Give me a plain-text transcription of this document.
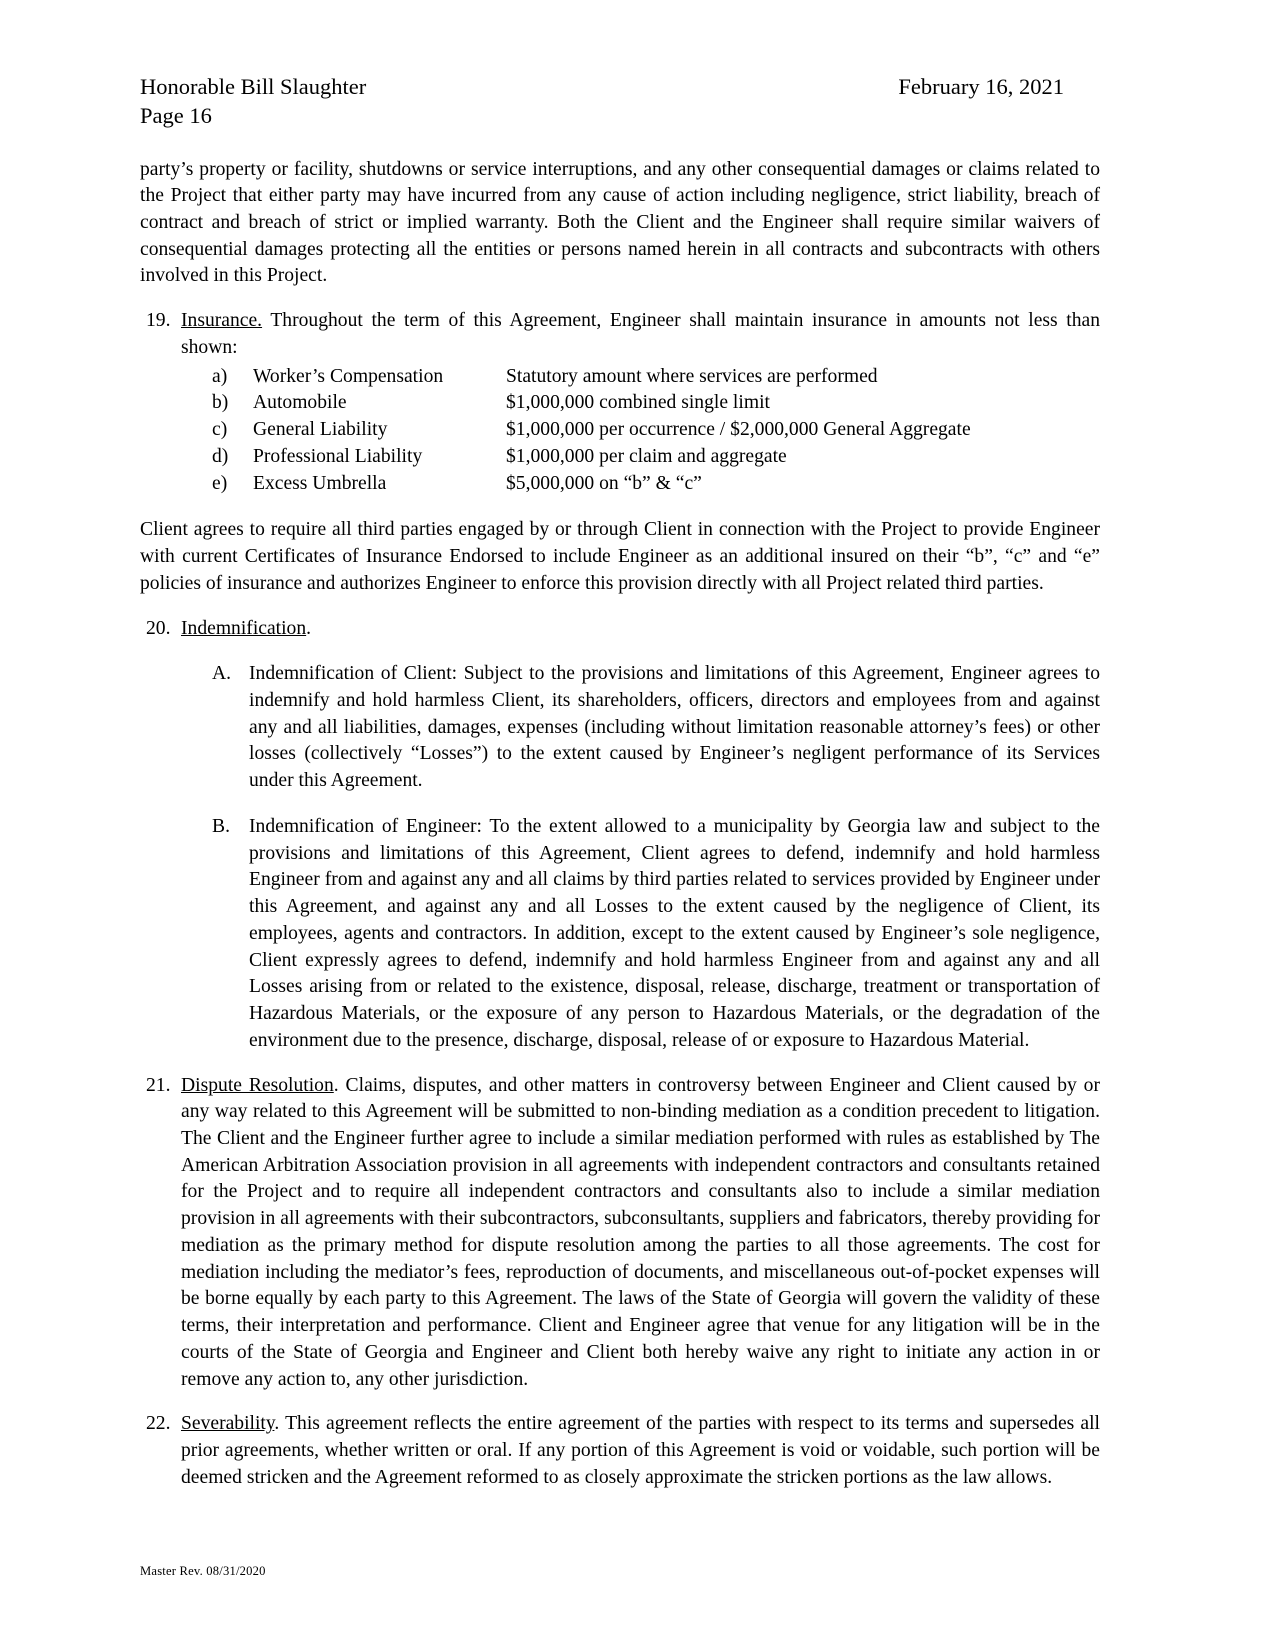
Honorable Bill Slaughter
Page 16
February 16, 2021

party’s property or facility, shutdowns or service interruptions, and any other consequential damages or claims related to the Project that either party may have incurred from any cause of action including negligence, strict liability, breach of contract and breach of strict or implied warranty. Both the Client and the Engineer shall require similar waivers of consequential damages protecting all the entities or persons named herein in all contracts and subcontracts with others involved in this Project.

19. Insurance. Throughout the term of this Agreement, Engineer shall maintain insurance in amounts not less than shown:
a)	Worker’s Compensation	Statutory amount where services are performed
b)	Automobile	$1,000,000 combined single limit
c)	General Liability	$1,000,000 per occurrence / $2,000,000 General Aggregate
d)	Professional Liability	$1,000,000 per claim and aggregate
e)	Excess Umbrella	$5,000,000 on “b” & “c”

Client agrees to require all third parties engaged by or through Client in connection with the Project to provide Engineer with current Certificates of Insurance Endorsed to include Engineer as an additional insured on their “b”, “c” and “e” policies of insurance and authorizes Engineer to enforce this provision directly with all Project related third parties.

20. Indemnification.
A. Indemnification of Client: Subject to the provisions and limitations of this Agreement, Engineer agrees to indemnify and hold harmless Client, its shareholders, officers, directors and employees from and against any and all liabilities, damages, expenses (including without limitation reasonable attorney’s fees) or other losses (collectively “Losses”) to the extent caused by Engineer’s negligent performance of its Services under this Agreement.
B. Indemnification of Engineer: To the extent allowed to a municipality by Georgia law and subject to the provisions and limitations of this Agreement, Client agrees to defend, indemnify and hold harmless Engineer from and against any and all claims by third parties related to services provided by Engineer under this Agreement, and against any and all Losses to the extent caused by the negligence of Client, its employees, agents and contractors. In addition, except to the extent caused by Engineer’s sole negligence, Client expressly agrees to defend, indemnify and hold harmless Engineer from and against any and all Losses arising from or related to the existence, disposal, release, discharge, treatment or transportation of Hazardous Materials, or the exposure of any person to Hazardous Materials, or the degradation of the environment due to the presence, discharge, disposal, release of or exposure to Hazardous Material.
21. Dispute Resolution. Claims, disputes, and other matters in controversy between Engineer and Client caused by or any way related to this Agreement will be submitted to non-binding mediation as a condition precedent to litigation. The Client and the Engineer further agree to include a similar mediation performed with rules as established by The American Arbitration Association provision in all agreements with independent contractors and consultants retained for the Project and to require all independent contractors and consultants also to include a similar mediation provision in all agreements with their subcontractors, subconsultants, suppliers and fabricators, thereby providing for mediation as the primary method for dispute resolution among the parties to all those agreements. The cost for mediation including the mediator’s fees, reproduction of documents, and miscellaneous out-of-pocket expenses will be borne equally by each party to this Agreement. The laws of the State of Georgia will govern the validity of these terms, their interpretation and performance. Client and Engineer agree that venue for any litigation will be in the courts of the State of Georgia and Engineer and Client both hereby waive any right to initiate any action in or remove any action to, any other jurisdiction.
22. Severability. This agreement reflects the entire agreement of the parties with respect to its terms and supersedes all prior agreements, whether written or oral. If any portion of this Agreement is void or voidable, such portion will be deemed stricken and the Agreement reformed to as closely approximate the stricken portions as the law allows.
Master Rev. 08/31/2020
